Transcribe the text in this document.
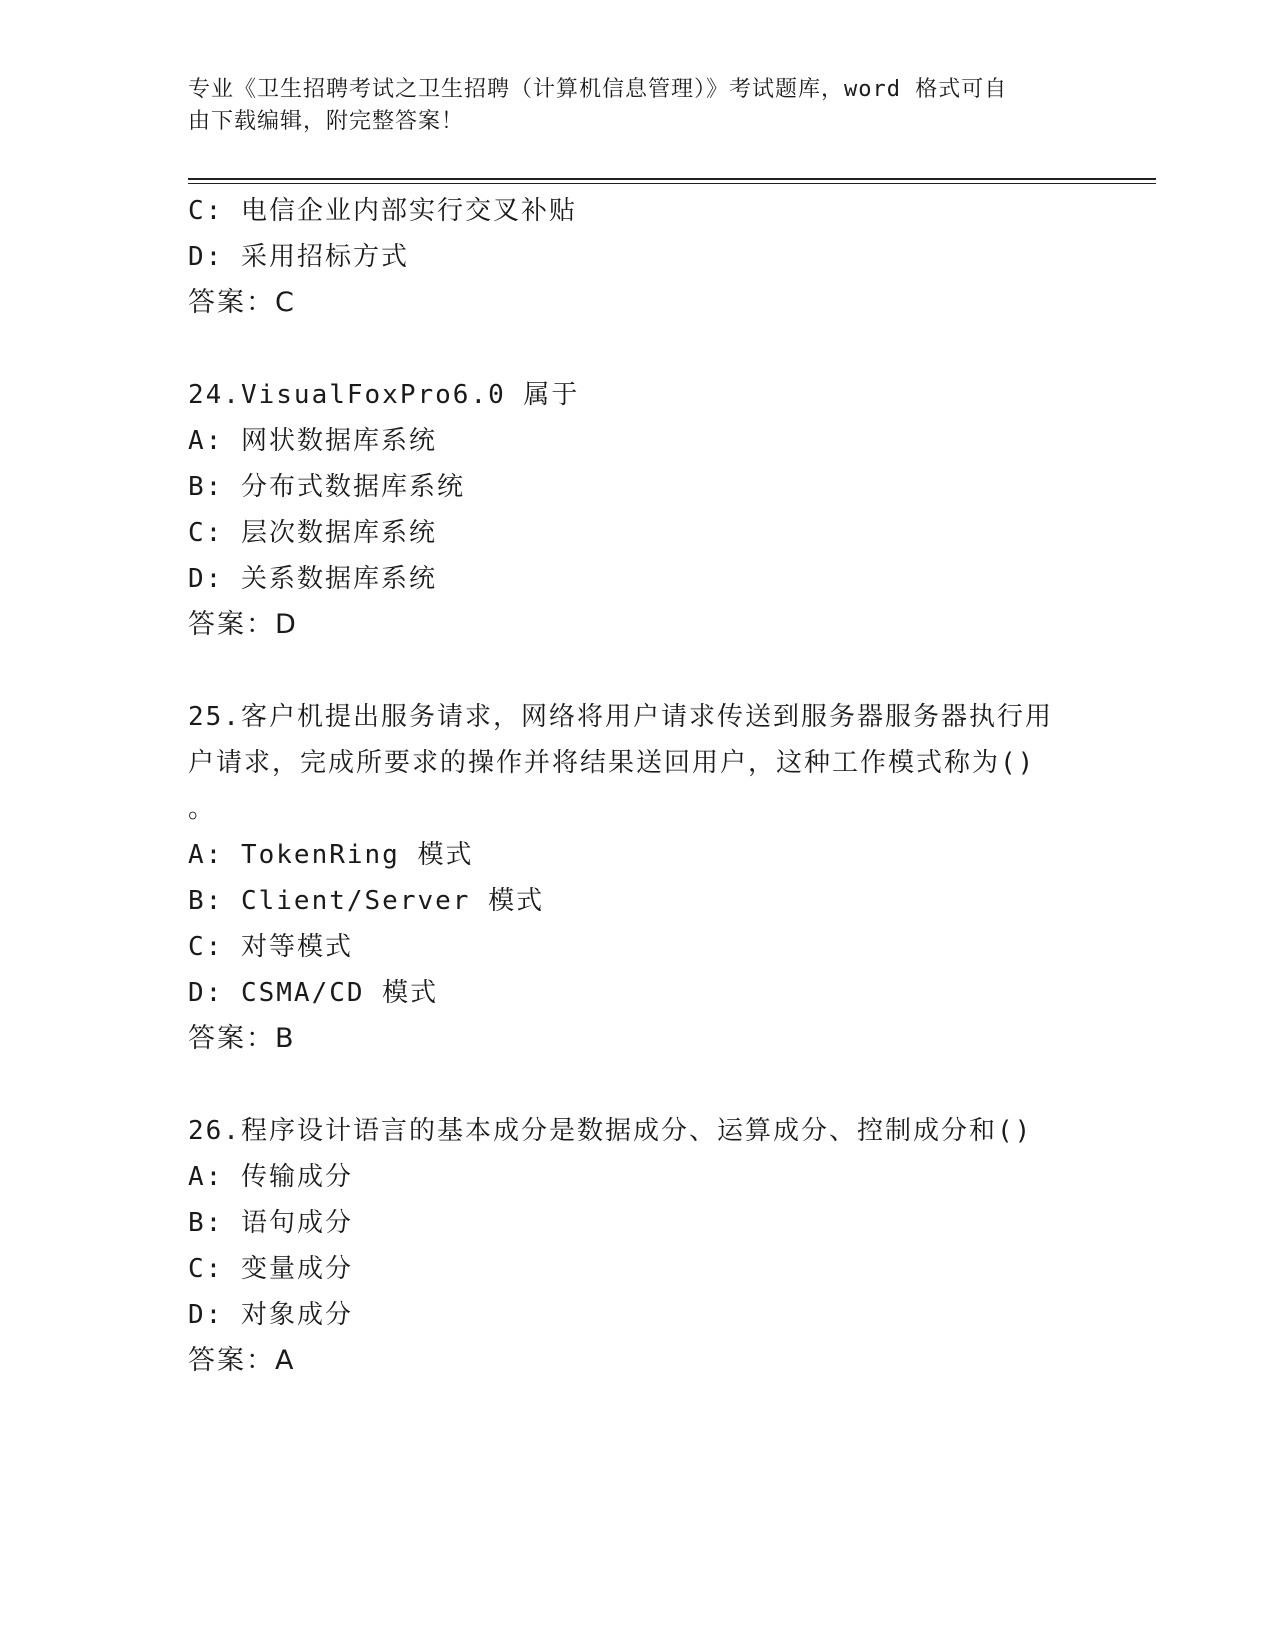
专业《卫生招聘考试之卫生招聘（计算机信息管理）》考试题库，word 格式可自
由下载编辑，附完整答案！
C: 电信企业内部实行交叉补贴
D: 采用招标方式
答案：C
24.VisualFoxPro6.0 属于
A: 网状数据库系统
B: 分布式数据库系统
C: 层次数据库系统
D: 关系数据库系统
答案：D
25.客户机提出服务请求，网络将用户请求传送到服务器服务器执行用
户请求，完成所要求的操作并将结果送回用户，这种工作模式称为()
。
A: TokenRing 模式
B: Client/Server 模式
C: 对等模式
D: CSMA/CD 模式
答案：B
26.程序设计语言的基本成分是数据成分、运算成分、控制成分和()
A: 传输成分
B: 语句成分
C: 变量成分
D: 对象成分
答案：A
